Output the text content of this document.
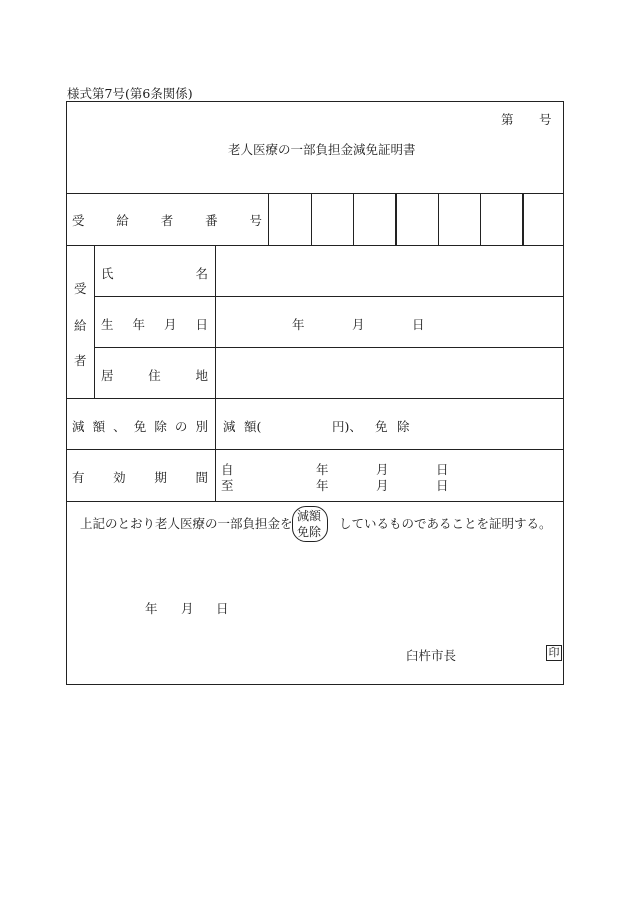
様式第7号(第6条関係)
第 号
老人医療の一部負担金減免証明書
受	給	者	番	号
受
給
者
氏	名
生 年 月 日	年	月	日
居	住	地
減 額 、 免 除 の 別 減 額(	円)、 免 除
有 効 期 間
自	年	月	日
至	年	月	日
上記のとおり老人医療の一部負担金を 減額
免除
しているものであることを証明する。
年 月 日
臼杵市長	印
